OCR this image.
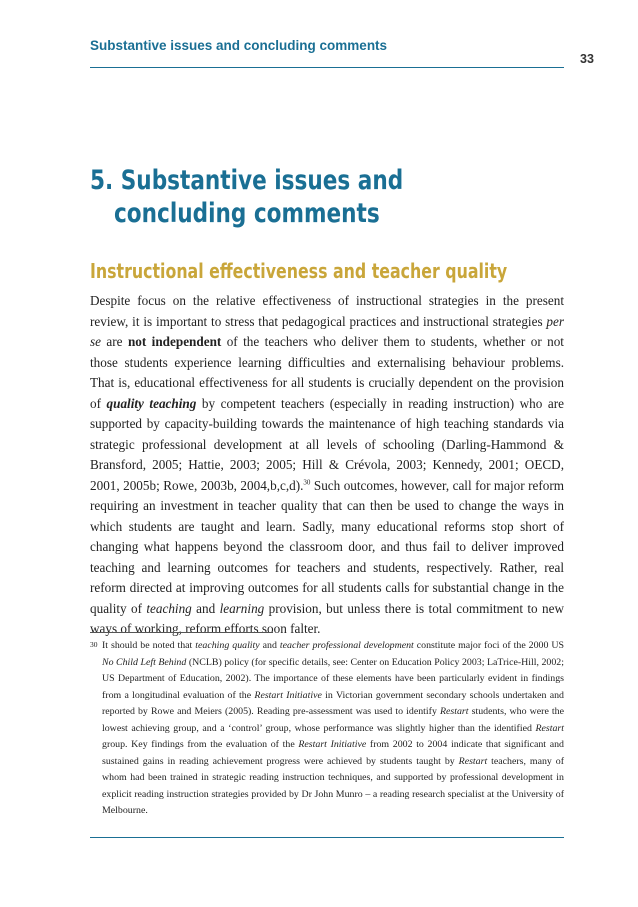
Substantive issues and concluding comments
33
5. Substantive issues and
concluding comments
Instructional effectiveness and teacher quality

Despite focus on the relative effectiveness of instructional strategies in the present review, it is important to stress that pedagogical practices and instructional strategies per se are not independent of the teachers who deliver them to students, whether or not those students experience learning difficulties and externalising behaviour problems. That is, educational effectiveness for all students is crucially dependent on the provision of quality teaching by competent teachers (especially in reading instruction) who are supported by capacity-building towards the maintenance of high teaching standards via strategic professional development at all levels of schooling (Darling-Hammond & Bransford, 2005; Hattie, 2003; 2005; Hill & Crévola, 2003; Kennedy, 2001; OECD, 2001, 2005b; Rowe, 2003b, 2004,b,c,d).$^{30}$ Such outcomes, however, call for major reform requiring an investment in teacher quality that can then be used to change the ways in which students are taught and learn. Sadly, many educational reforms stop short of changing what happens beyond the classroom door, and thus fail to deliver improved teaching and learning outcomes for teachers and students, respectively. Rather, real reform directed at improving outcomes for all students calls for substantial change in the quality of teaching and learning provision, but unless there is total commitment to new ways of working, reform efforts soon falter.

30 It should be noted that teaching quality and teacher professional development constitute major foci of the 2000 US No Child Left Behind (NCLB) policy (for specific details, see: Center on Education Policy 2003; LaTrice-Hill, 2002; US Department of Education, 2002). The importance of these elements have been particularly evident in findings from a longitudinal evaluation of the Restart Initiative in Victorian government secondary schools undertaken and reported by Rowe and Meiers (2005). Reading pre-assessment was used to identify Restart students, who were the lowest achieving group, and a ‘control’ group, whose performance was slightly higher than the identified Restart group. Key findings from the evaluation of the Restart Initiative from 2002 to 2004 indicate that significant and sustained gains in reading achievement progress were achieved by students taught by Restart teachers, many of whom had been trained in strategic reading instruction techniques, and supported by professional development in explicit reading instruction strategies provided by Dr John Munro – a reading research specialist at the University of Melbourne.
